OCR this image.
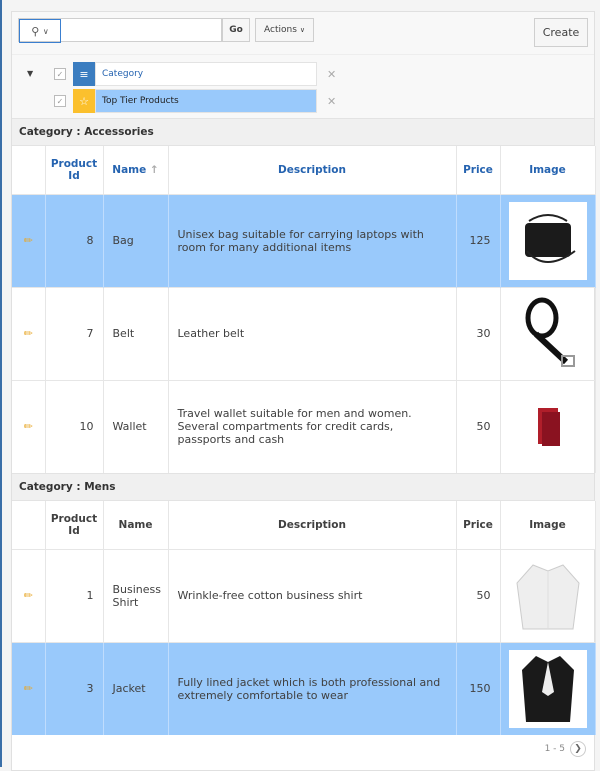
⚲
∨	Go	Actions
∨	Create
▼	✓	≡	Category	✕
✓	☆	Top Tier Products	✕
Category : Accessories
	Product Id	Name ↑	Description	Price	Image
✏	8	Bag	Unisex bag suitable for carrying laptops with room for many additional items	125	

✏	7	Belt	Leather belt	30	

✏	10	Wallet	Travel wallet suitable for men and women. Several compartments for credit cards, passports and cash	50	
Category : Mens
	Product Id	Name	Description	Price	Image
✏	1	Business Shirt	Wrinkle-free cotton business shirt	50	

✏	3	Jacket	Fully lined jacket which is both professional and extremely comfortable to wear	150	
1 - 5	❯
